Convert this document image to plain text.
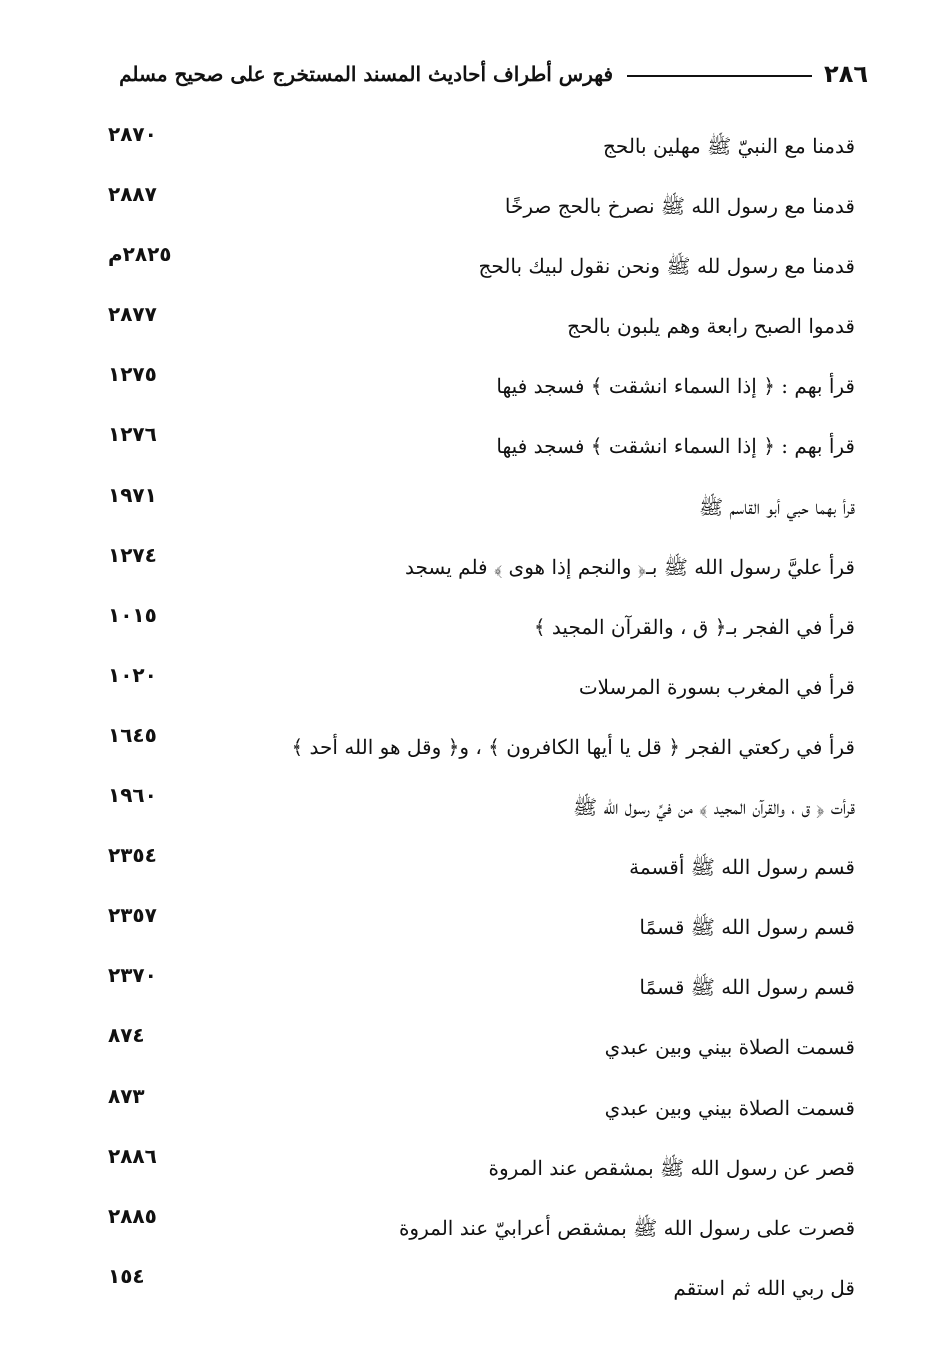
٢٨٦
فهرس أطراف أحاديث المسند المستخرج على صحيح مسلم
قدمنا مع النبيّ ﷺ مهلين بالحج
٢٨٧٠
قدمنا مع رسول الله ﷺ نصرخ بالحج صرخًا
٢٨٨٧
قدمنا مع رسول لله ﷺ ونحن نقول لبيك بالحج
٢٨٢٥م
قدموا الصبح رابعة وهم يلبون بالحج
٢٨٧٧
قرأ بهم : ﴿ إذا السماء انشقت ﴾ فسجد فيها
١٢٧٥
قرأ بهم : ﴿ إذا السماء انشقت ﴾ فسجد فيها
١٢٧٦
قرأ بهما حبي أبو القاسم ﷺ
١٩٧١
قرأ عليَّ رسول الله ﷺ بـ﴿ والنجم إذا هوى ﴾ فلم يسجد
١٢٧٤
قرأ في الفجر بـ﴿ ق ، والقرآن المجيد ﴾
١٠١٥
قرأ في المغرب بسورة المرسلات
١٠٢٠
قرأ في ركعتي الفجر ﴿ قل يا أيها الكافرون ﴾ ، و﴿ وقل هو الله أحد ﴾
١٦٤٥
قرأت ﴿ ق ، والقرآن المجيد ﴾ من فيِّ رسول الله ﷺ
١٩٦٠
قسم رسول الله ﷺ أقسمة
٢٣٥٤
قسم رسول الله ﷺ قسمًا
٢٣٥٧
قسم رسول الله ﷺ قسمًا
٢٣٧٠
قسمت الصلاة بيني وبين عبدي
٨٧٤
قسمت الصلاة بيني وبين عبدي
٨٧٣
قصر عن رسول الله ﷺ بمشقص عند المروة
٢٨٨٦
قصرت على رسول الله ﷺ بمشقص أعرابيّ عند المروة
٢٨٨٥
قل ربي الله ثم استقم
١٥٤
